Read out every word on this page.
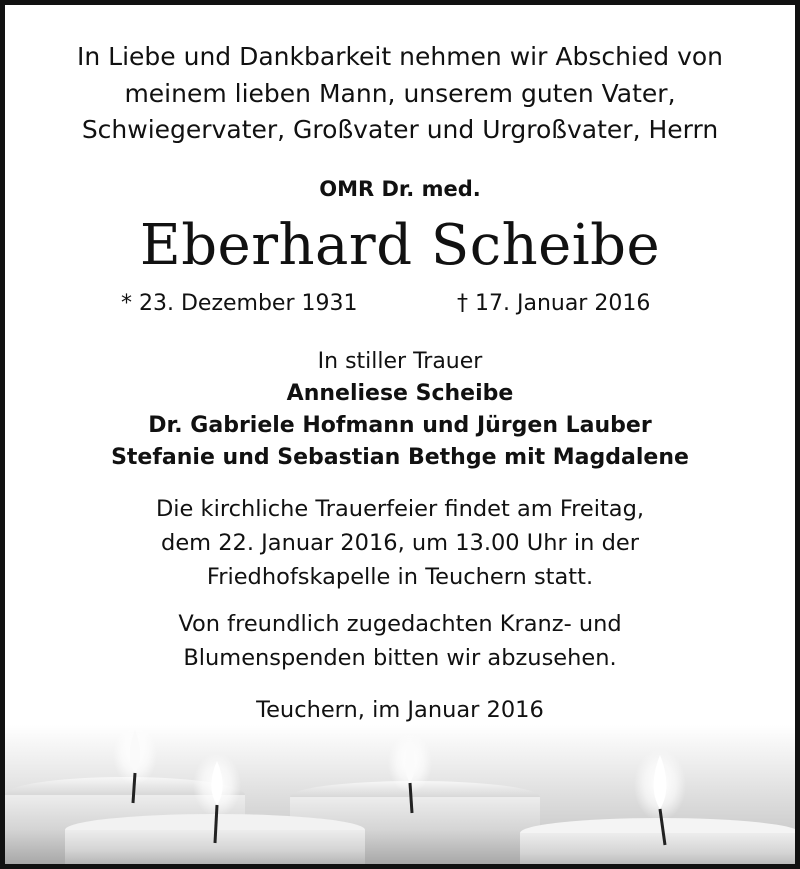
In Liebe und Dankbarkeit nehmen wir Abschied von
meinem lieben Mann, unserem guten Vater,
Schwiegervater, Großvater und Urgroßvater, Herrn
OMR Dr. med.
Eberhard Scheibe
* 23. Dezember 1931	† 17. Januar 2016
In stiller Trauer
Anneliese Scheibe
Dr. Gabriele Hofmann und Jürgen Lauber
Stefanie und Sebastian Bethge mit Magdalene
Die kirchliche Trauerfeier findet am Freitag,
dem 22. Januar 2016, um 13.00 Uhr in der
Friedhofskapelle in Teuchern statt.
Von freundlich zugedachten Kranz- und
Blumenspenden bitten wir abzusehen.
Teuchern, im Januar 2016
